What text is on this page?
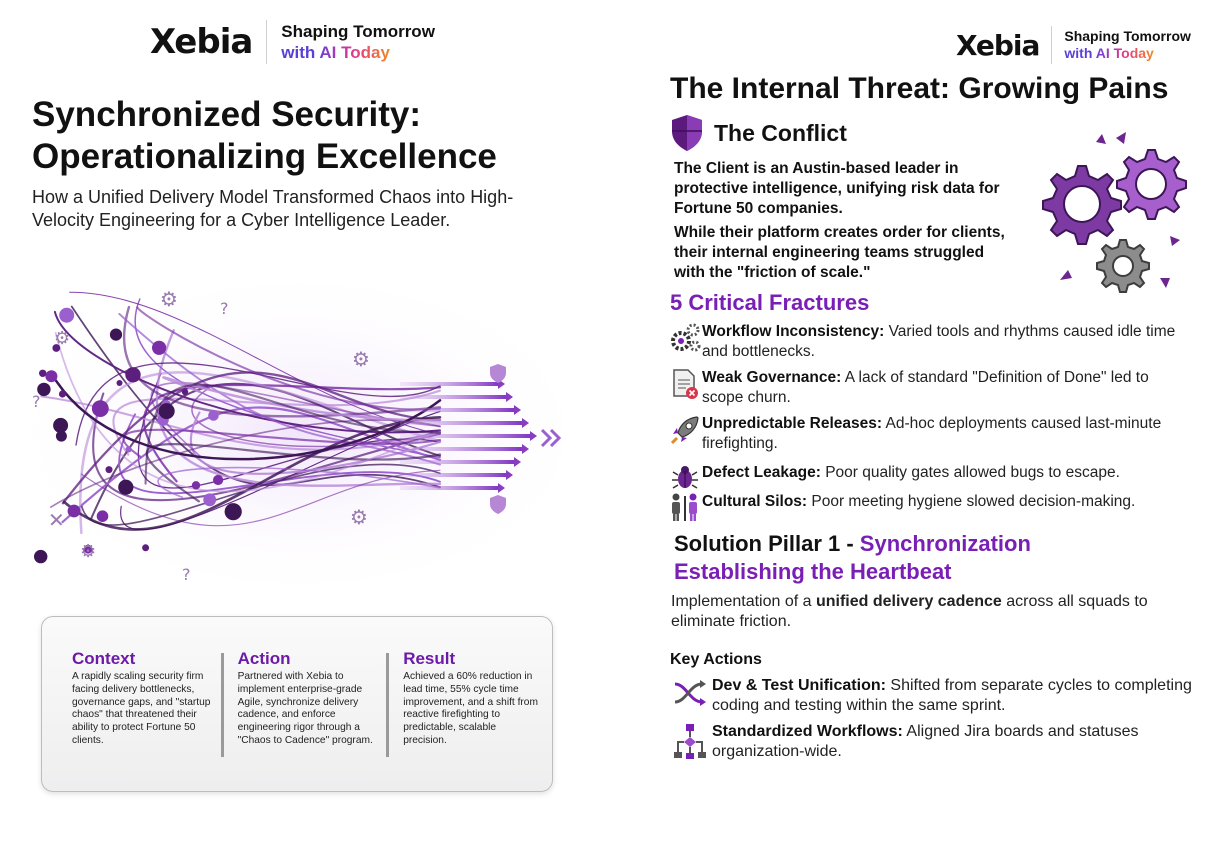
Xebia Shaping Tomorrow
with AI Today
Synchronized Security: Operationalizing Excellence

How a Unified Delivery Model Transformed Chaos into High-Velocity Engineering for a Cyber Intelligence Leader.

?
?
?
⚙
⚙
⚙
✕
⚙
⚙
Context

A rapidly scaling security firm facing delivery bottlenecks, governance gaps, and "startup chaos" that threatened their ability to protect Fortune 50 clients.

Action

Partnered with Xebia to implement enterprise-grade Agile, synchronize delivery cadence, and enforce engineering rigor through a "Chaos to Cadence" program.

Result

Achieved a 60% reduction in lead time, 55% cycle time improvement, and a shift from reactive firefighting to predictable, scalable precision.

Xebia Shaping Tomorrow
with AI Today
The Internal Threat: Growing Pains
The Conflict

The Client is an Austin-based leader in protective intelligence, unifying risk data for Fortune 50 companies.

While their platform creates order for clients, their internal engineering teams struggled with the "friction of scale."

5 Critical Fractures
Workflow Inconsistency: Varied tools and rhythms caused idle time and bottlenecks.
Weak Governance: A lack of standard "Definition of Done" led to scope churn.
Unpredictable Releases: Ad-hoc deployments caused last-minute firefighting.
Defect Leakage: Poor quality gates allowed bugs to escape.
Cultural Silos: Poor meeting hygiene slowed decision-making.
Solution Pillar 1 - Synchronization
Establishing the Heartbeat

Implementation of a unified delivery cadence across all squads to eliminate friction.

Key Actions
Dev & Test Unification: Shifted from separate cycles to completing coding and testing within the same sprint.
Standardized Workflows: Aligned Jira boards and statuses organization-wide.
